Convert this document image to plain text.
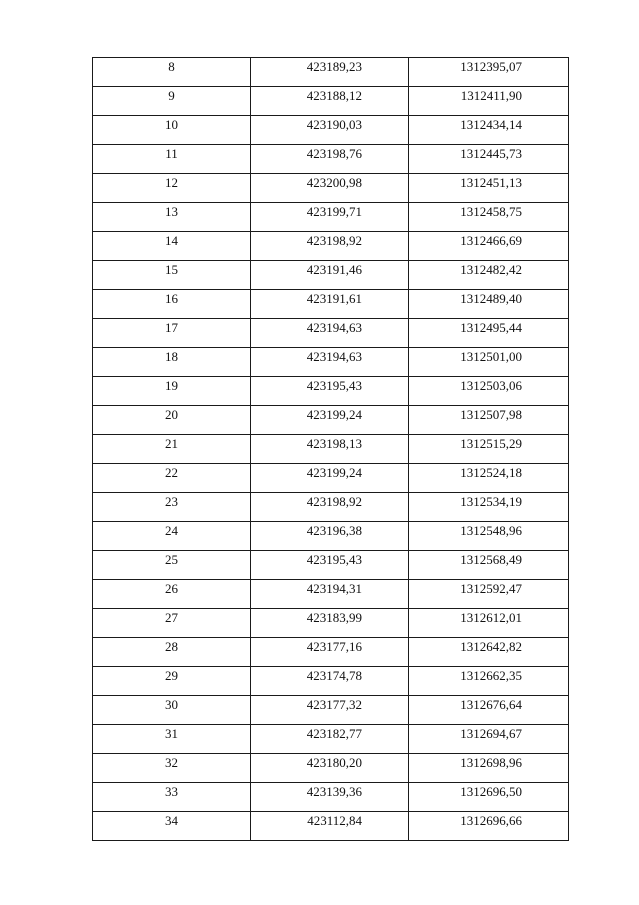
8	423189,23	1312395,07
9	423188,12	1312411,90
10	423190,03	1312434,14
11	423198,76	1312445,73
12	423200,98	1312451,13
13	423199,71	1312458,75
14	423198,92	1312466,69
15	423191,46	1312482,42
16	423191,61	1312489,40
17	423194,63	1312495,44
18	423194,63	1312501,00
19	423195,43	1312503,06
20	423199,24	1312507,98
21	423198,13	1312515,29
22	423199,24	1312524,18
23	423198,92	1312534,19
24	423196,38	1312548,96
25	423195,43	1312568,49
26	423194,31	1312592,47
27	423183,99	1312612,01
28	423177,16	1312642,82
29	423174,78	1312662,35
30	423177,32	1312676,64
31	423182,77	1312694,67
32	423180,20	1312698,96
33	423139,36	1312696,50
34	423112,84	1312696,66
